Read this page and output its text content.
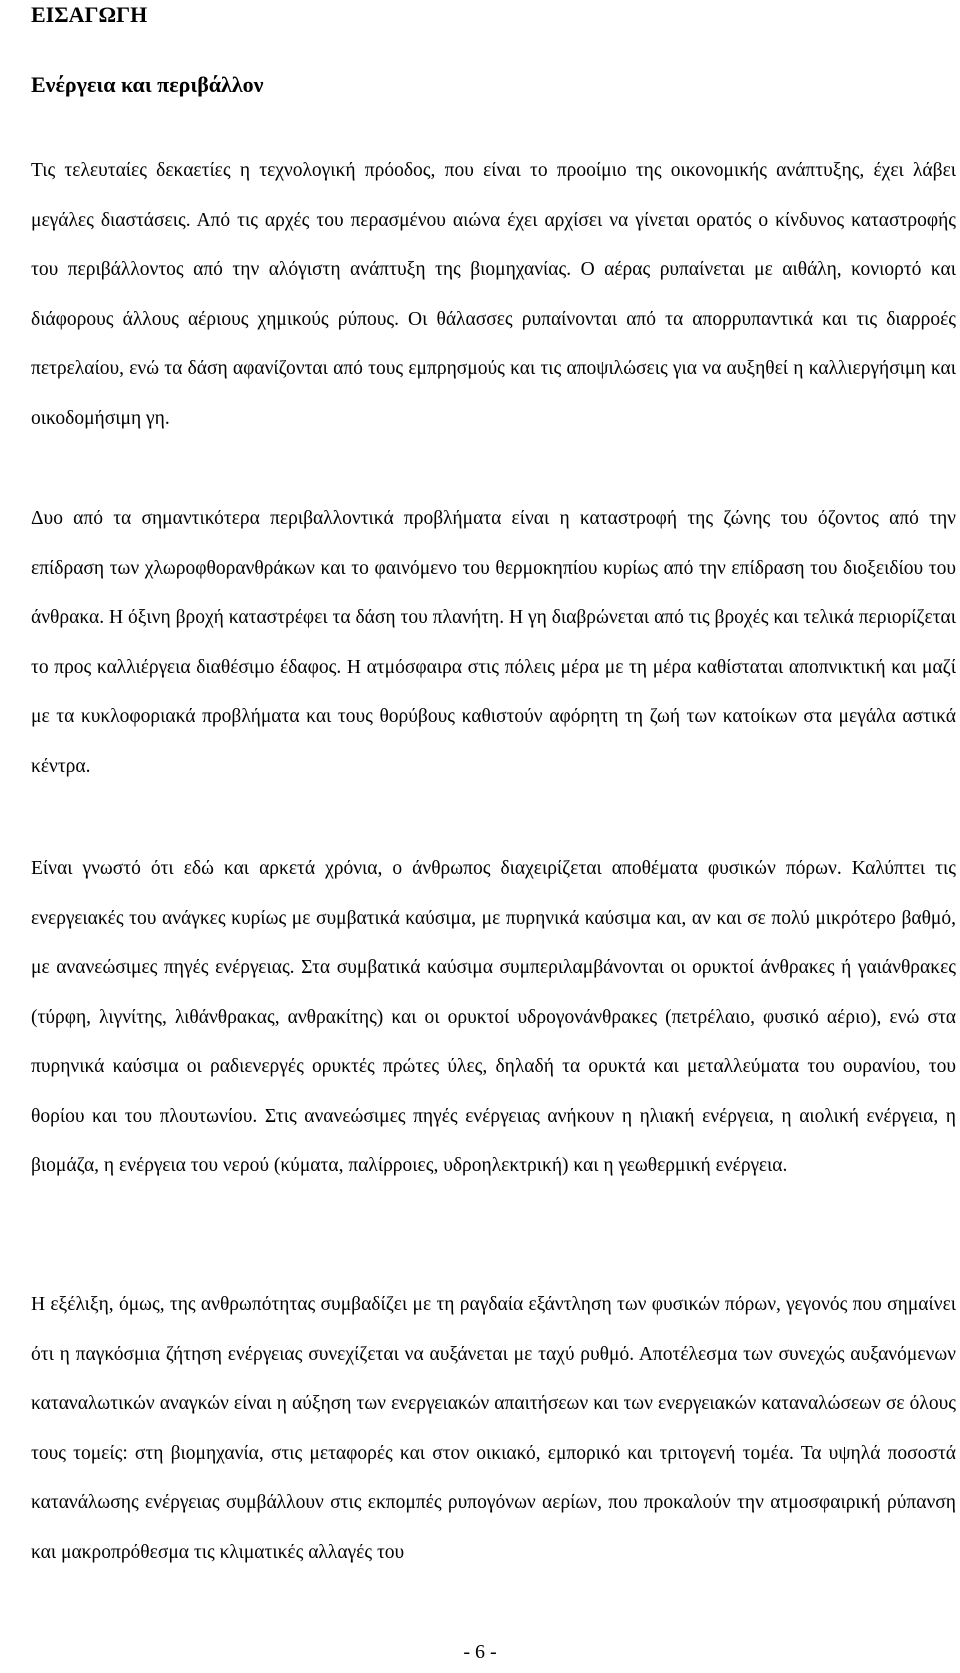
ΕΙΣΑΓΩΓΗ
Ενέργεια και περιβάλλον

Τις τελευταίες δεκαετίες η τεχνολογική πρόοδος, που είναι το προοίμιο της οικονομικής ανάπτυξης, έχει λάβει μεγάλες διαστάσεις. Από τις αρχές του περασμένου αιώνα έχει αρχίσει να γίνεται ορατός ο κίνδυνος καταστροφής του περιβάλλοντος από την αλόγιστη ανάπτυξη της βιομηχανίας. Ο αέρας ρυπαίνεται με αιθάλη, κονιορτό και διάφορους άλλους αέριους χημικούς ρύπους. Οι θάλασσες ρυπαίνονται από τα απορρυπαντικά και τις διαρροές πετρελαίου, ενώ τα δάση αφανίζονται από τους εμπρησμούς και τις αποψιλώσεις για να αυξηθεί η καλλιεργήσιμη και οικοδομήσιμη γη.

Δυο από τα σημαντικότερα περιβαλλοντικά προβλήματα είναι η καταστροφή της ζώνης του όζοντος από την επίδραση των χλωροφθορανθράκων και το φαινόμενο του θερμοκηπίου κυρίως από την επίδραση του διοξειδίου του άνθρακα. Η όξινη βροχή καταστρέφει τα δάση του πλανήτη. Η γη διαβρώνεται από τις βροχές και τελικά περιορίζεται το προς καλλιέργεια διαθέσιμο έδαφος. Η ατμόσφαιρα στις πόλεις μέρα με τη μέρα καθίσταται αποπνικτική και μαζί με τα κυκλοφοριακά προβλήματα και τους θορύβους καθιστούν αφόρητη τη ζωή των κατοίκων στα μεγάλα αστικά κέντρα.

Είναι γνωστό ότι εδώ και αρκετά χρόνια, ο άνθρωπος διαχειρίζεται αποθέματα φυσικών πόρων. Καλύπτει τις ενεργειακές του ανάγκες κυρίως με συμβατικά καύσιμα, με πυρηνικά καύσιμα και, αν και σε πολύ μικρότερο βαθμό, με ανανεώσιμες πηγές ενέργειας. Στα συμβατικά καύσιμα συμπεριλαμβάνονται οι ορυκτοί άνθρακες ή γαιάνθρακες (τύρφη, λιγνίτης, λιθάνθρακας, ανθρακίτης) και οι ορυκτοί υδρογονάνθρακες (πετρέλαιο, φυσικό αέριο), ενώ στα πυρηνικά καύσιμα οι ραδιενεργές ορυκτές πρώτες ύλες, δηλαδή τα ορυκτά και μεταλλεύματα του ουρανίου, του θορίου και του πλουτωνίου. Στις ανανεώσιμες πηγές ενέργειας ανήκουν η ηλιακή ενέργεια, η αιολική ενέργεια, η βιομάζα, η ενέργεια του νερού (κύματα, παλίρροιες, υδροηλεκτρική) και η γεωθερμική ενέργεια.

Η εξέλιξη, όμως, της ανθρωπότητας συμβαδίζει με τη ραγδαία εξάντληση των φυσικών πόρων, γεγονός που σημαίνει ότι η παγκόσμια ζήτηση ενέργειας συνεχίζεται να αυξάνεται με ταχύ ρυθμό. Αποτέλεσμα των συνεχώς αυξανόμενων καταναλωτικών αναγκών είναι η αύξηση των ενεργειακών απαιτήσεων και των ενεργειακών καταναλώσεων σε όλους τους τομείς: στη βιομηχανία, στις μεταφορές και στον οικιακό, εμπορικό και τριτογενή τομέα. Τα υψηλά ποσοστά κατανάλωσης ενέργειας συμβάλλουν στις εκπομπές ρυπογόνων αερίων, που προκαλούν την ατμοσφαιρική ρύπανση και μακροπρόθεσμα τις κλιματικές αλλαγές του

- 6 -
